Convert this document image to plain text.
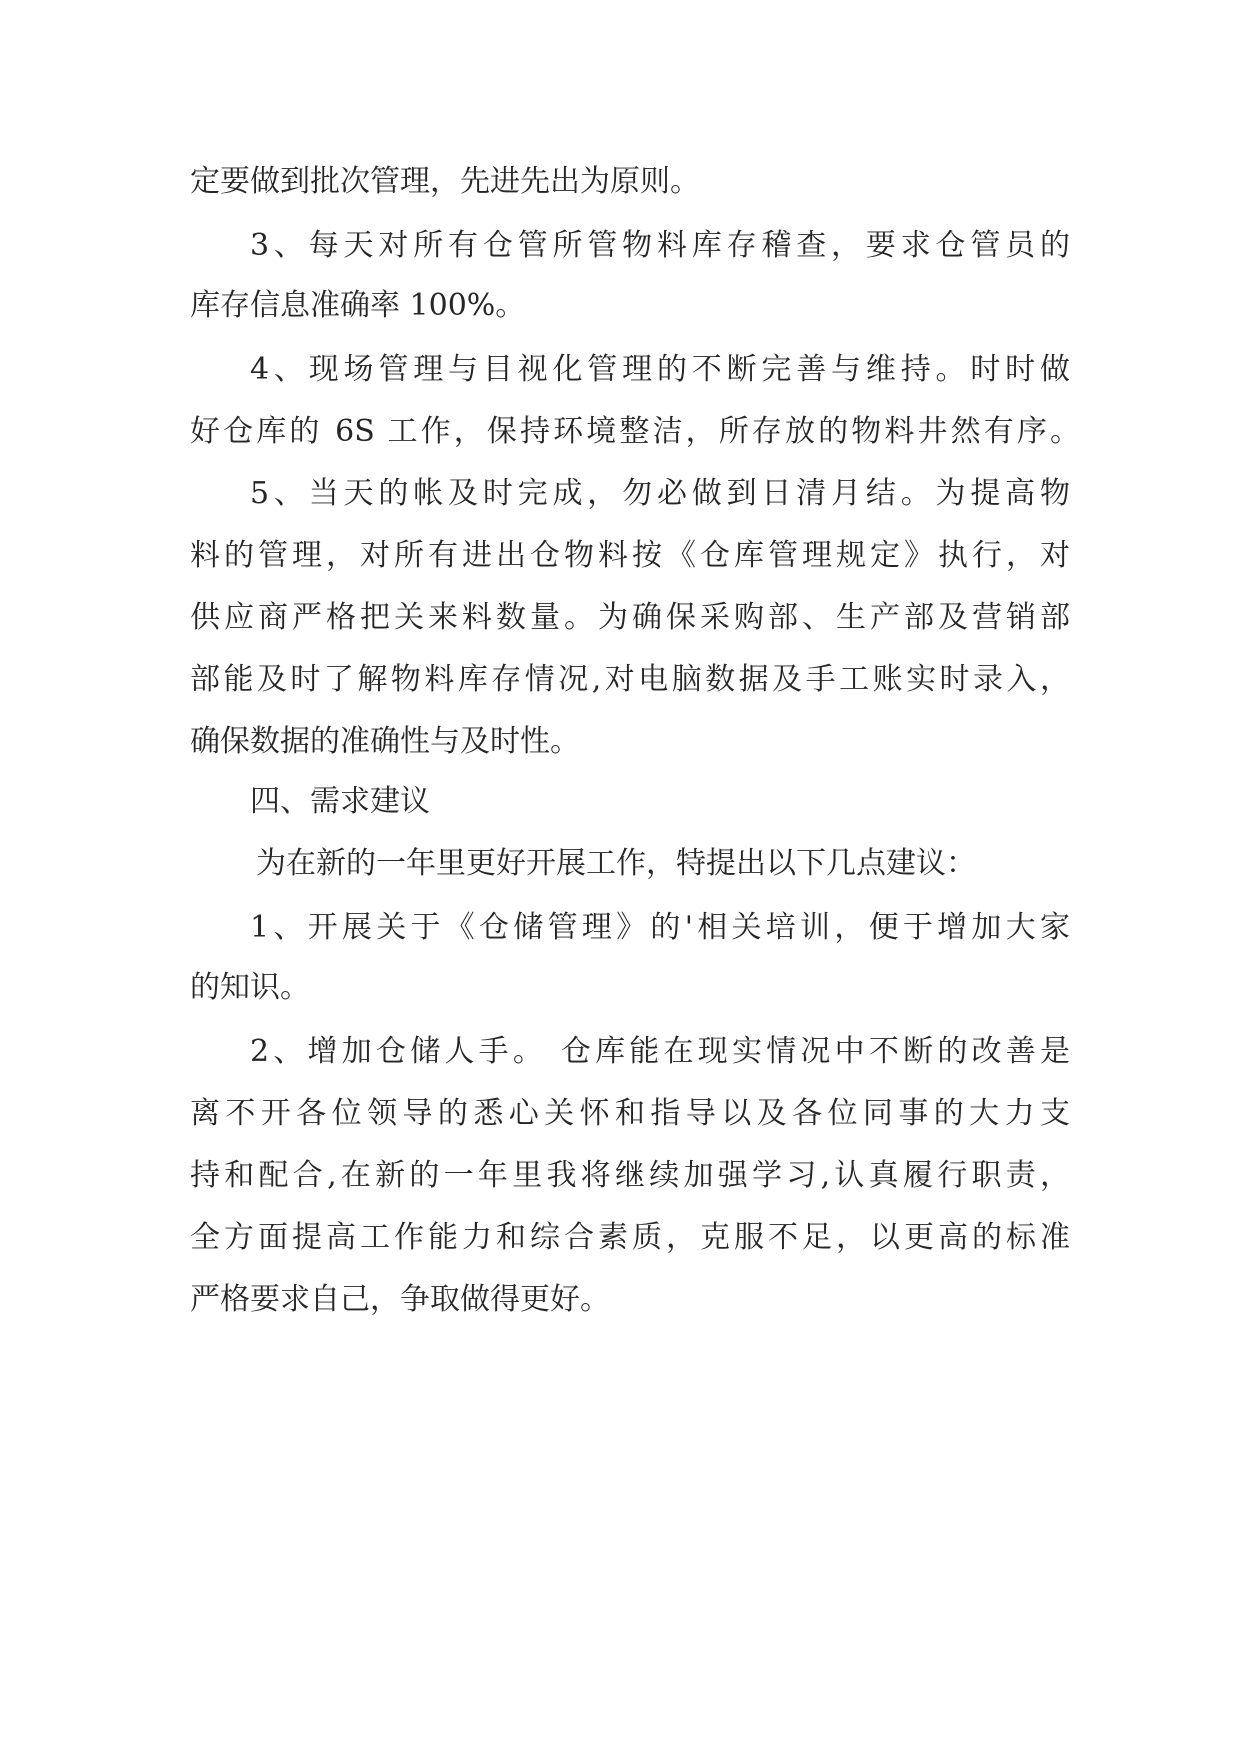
定要做到批次管理，先进先出为原则。
3、每天对所有仓管所管物料库存稽查，要求仓管员的
库存信息准确率 100%。
4、现场管理与目视化管理的不断完善与维持。时时做
好仓库的 6S 工作，保持环境整洁，所存放的物料井然有序。
5、当天的帐及时完成，勿必做到日清月结。为提高物
料的管理，对所有进出仓物料按《仓库管理规定》执行，对
供应商严格把关来料数量。为确保采购部、生产部及营销部
部能及时了解物料库存情况,对电脑数据及手工账实时录入，
确保数据的准确性与及时性。
四、需求建议
为在新的一年里更好开展工作，特提出以下几点建议：
1、开展关于《仓储管理》的'相关培训，便于增加大家
的知识。
2、增加仓储人手。 仓库能在现实情况中不断的改善是
离不开各位领导的悉心关怀和指导以及各位同事的大力支
持和配合,在新的一年里我将继续加强学习,认真履行职责，
全方面提高工作能力和综合素质，克服不足，以更高的标准
严格要求自己，争取做得更好。
